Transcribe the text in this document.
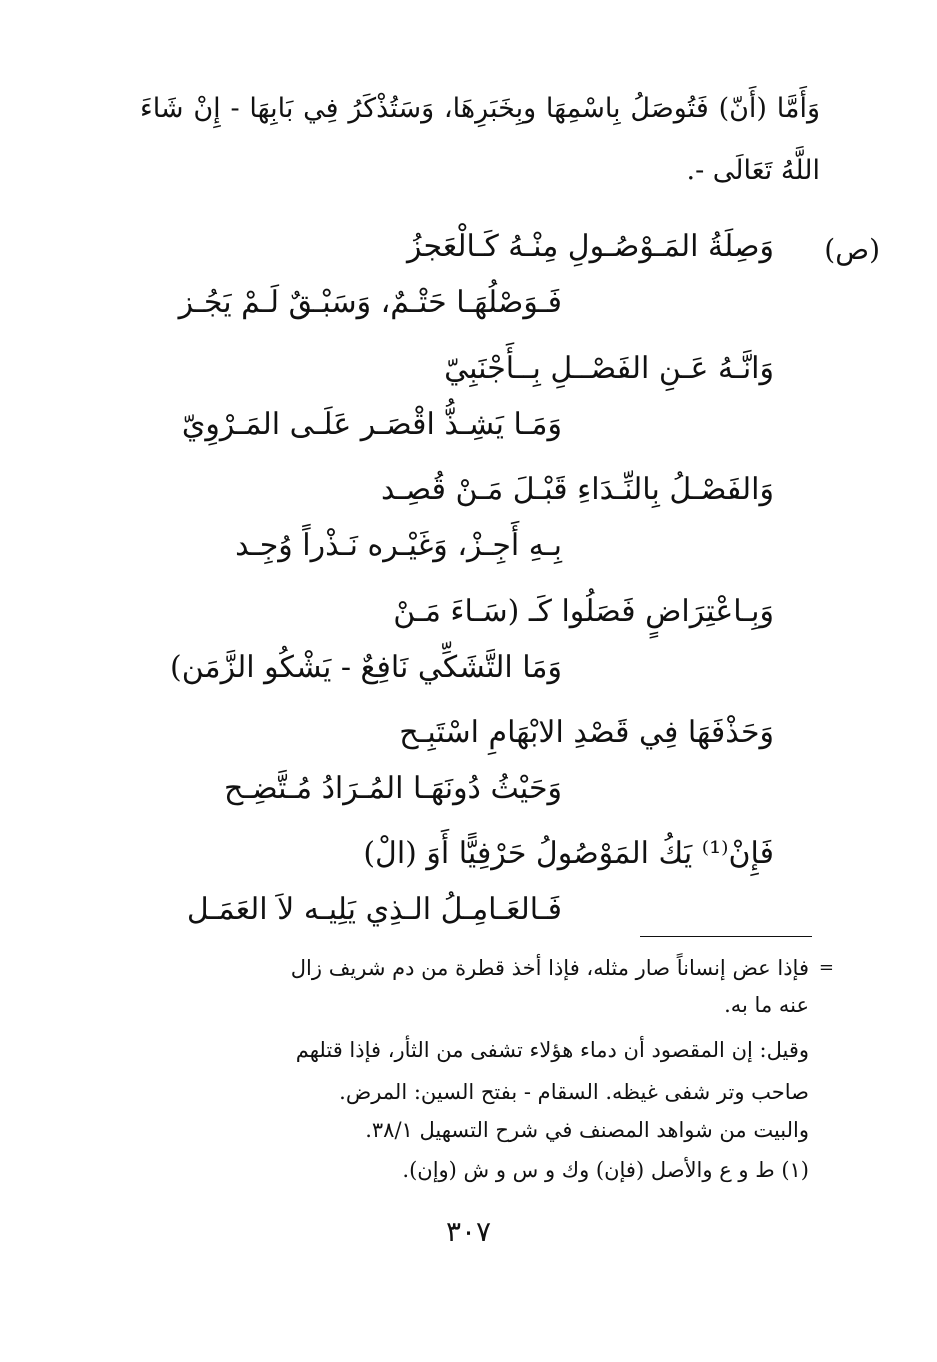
وَأَمَّا (أَنّ) فَتُوصَلُ بِاسْمِهَا وبِخَبَرِهَا، وَسَتُذْكَرُ فِي بَابِهَا - إِنْ شَاءَ اللَّهُ تَعَالَى -.

(ص)
وَصِلَةُ المَـوْصُـولِ مِنْـهُ كَـالْعَجزُ
فَـوَصْلُهَـا حَتْـمٌ، وَسَبْـقٌ لَـمْ يَجُـز
وَانَّـهُ عَـنِ الفَصْــلِ بِــأَجْنَبِيّ
وَمَـا يَشِـذُّ اقْصَـر عَلَـى المَـرْوِيّ
وَالفَصْـلُ بِالنِّـدَاءِ قَبْـلَ مَـنْ قُصِـد
بِـهِ أَجِـزْ، وَغَيْـره نَـذْراً وُجِـد
وَبِـاعْتِرَاضٍ فَصَلُوا كَـ (سَـاءَ مَـنْ
وَمَا التَّشَكِّي نَافِعٌ - يَشْكُو الزَّمَن)
وَحَذْفَهَا فِي قَصْدِ الابْهَامِ اسْتَبِـح
وَحَيْثُ دُونَهَـا المُـرَادُ مُـتَّضِـح
فَإِنْ⁽¹⁾ يَكُ المَوْصُولُ حَرْفِيًّا أَوَ (الْ)
فَـالعَـامِـلُ الـذِي يَلِيـه لاَ العَمَـل
=
فإذا عض إنساناً صار مثله، فإذا أخذ قطرة من دم شريف زال
عنه ما به.
وقيل: إن المقصود أن دماء هؤلاء تشفى من الثأر، فإذا قتلهم
صاحب وتر شفى غيظه. السقام - بفتح السين: المرض.
والبيت من شواهد المصنف في شرح التسهيل ٣٨/١.
(١) ط و ع والأصل (فإن) وك و س و ش (وإن).
٣٠٧
